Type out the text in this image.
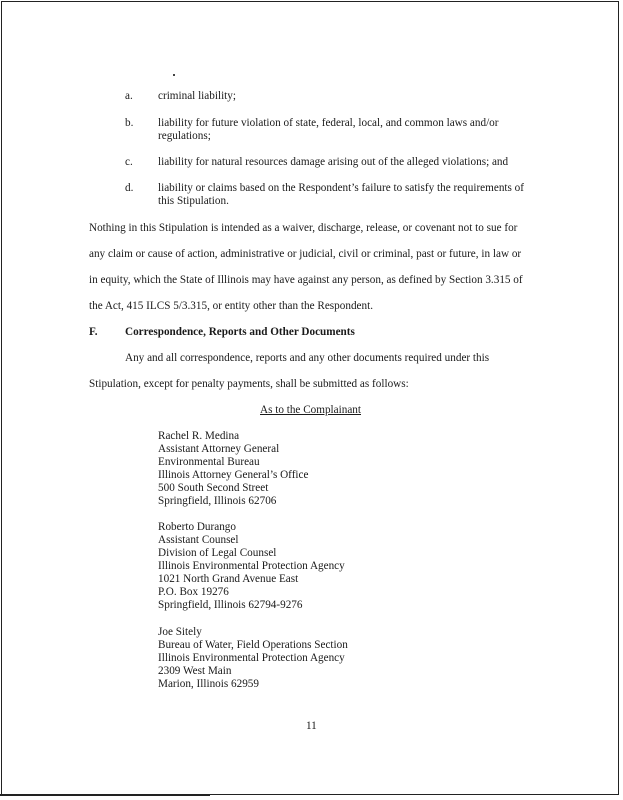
a. criminal liability;
b. liability for future violation of state, federal, local, and common laws and/or regulations;
c. liability for natural resources damage arising out of the alleged violations; and
d. liability or claims based on the Respondent’s failure to satisfy the requirements of this Stipulation.
Nothing in this Stipulation is intended as a waiver, discharge, release, or covenant not to sue for
any claim or cause of action, administrative or judicial, civil or criminal, past or future, in law or
in equity, which the State of Illinois may have against any person, as defined by Section 3.315 of
the Act, 415 ILCS 5/3.315, or entity other than the Respondent.
F. Correspondence, Reports and Other Documents
Any and all correspondence, reports and any other documents required under this
Stipulation, except for penalty payments, shall be submitted as follows:
As to the Complainant
Rachel R. Medina
Assistant Attorney General
Environmental Bureau
Illinois Attorney General’s Office
500 South Second Street
Springfield, Illinois 62706
Roberto Durango
Assistant Counsel
Division of Legal Counsel
Illinois Environmental Protection Agency
1021 North Grand Avenue East
P.O. Box 19276
Springfield, Illinois 62794-9276
Joe Sitely
Bureau of Water, Field Operations Section
Illinois Environmental Protection Agency
2309 West Main
Marion, Illinois 62959
11
